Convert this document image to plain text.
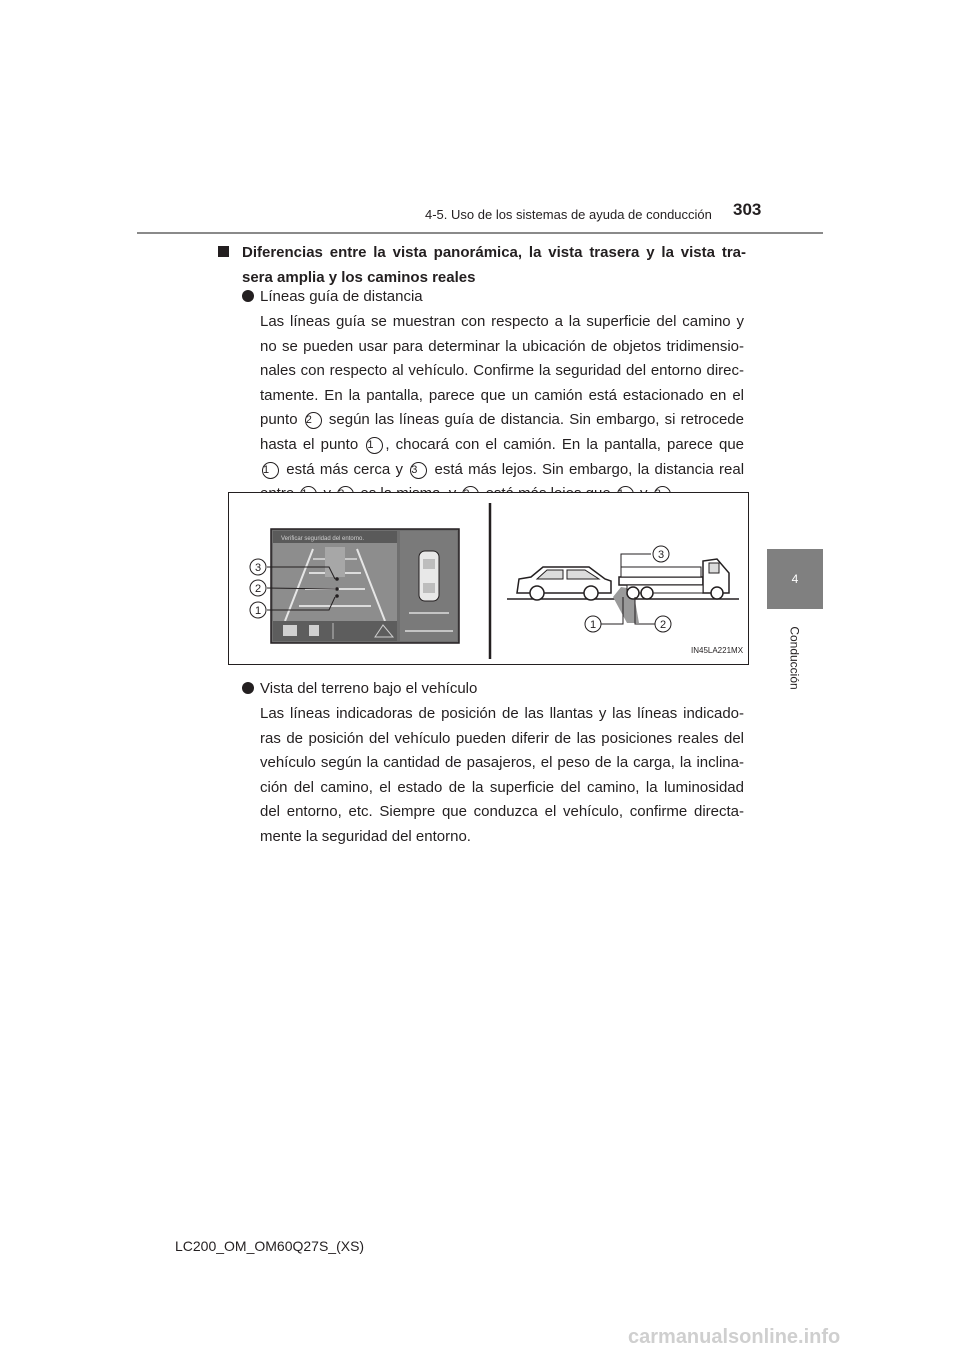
4-5. Uso de los sistemas de ayuda de conducción 303
4
Conducción
Diferencias entre la vista panorámica, la vista trasera y la vista tra-
sera amplia y los caminos reales
Líneas guía de distancia
Las líneas guía se muestran con respecto a la superficie del camino y
no se pueden usar para determinar la ubicación de objetos tridimensio-
nales con respecto al vehículo. Confirme la seguridad del entorno direc-
tamente. En la pantalla, parece que un camión está estacionado en el
punto 2 según las líneas guía de distancia. Sin embargo, si retrocede
hasta el punto 1 , chocará con el camión. En la pantalla, parece que
1 está más cerca y 3 está más lejos. Sin embargo, la distancia real

Verificar seguridad del entorno.
3
2
1
3
1	2
IN45LA221MX
Vista del terreno bajo el vehículo
Las líneas indicadoras de posición de las llantas y las líneas indicado-
ras de posición del vehículo pueden diferir de las posiciones reales del
vehículo según la cantidad de pasajeros, el peso de la carga, la inclina-
ción del camino, el estado de la superficie del camino, la luminosidad
del entorno, etc. Siempre que conduzca el vehículo, confirme directa-
mente la seguridad del entorno.
LC200_OM_OM60Q27S_(XS)
carmanualsonline.info
